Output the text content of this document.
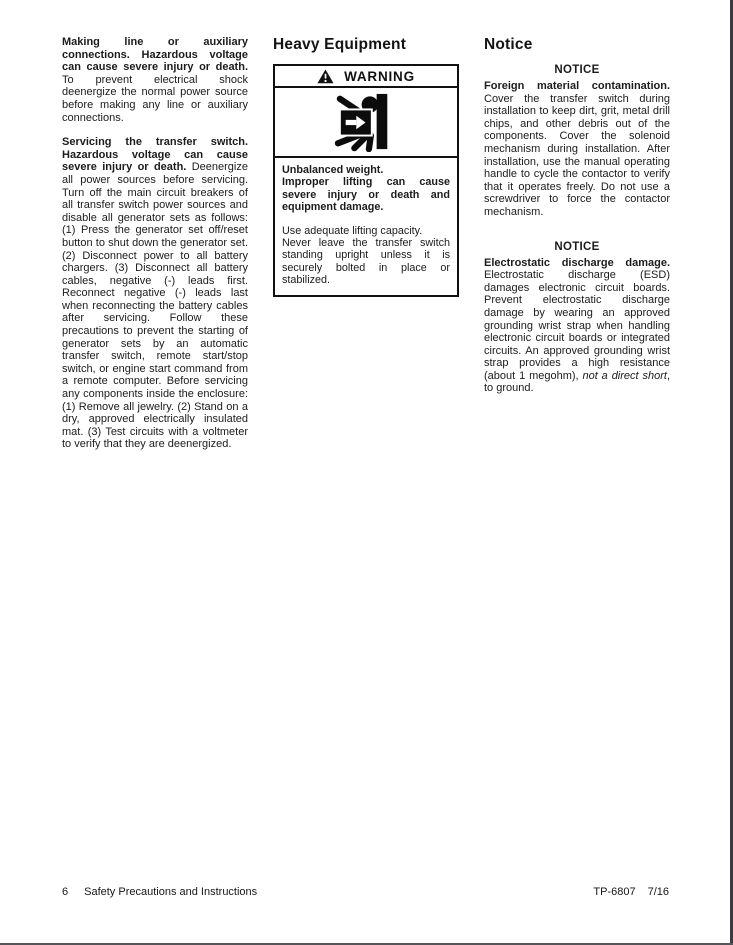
Making line or auxiliary connections. Hazardous voltage can cause severe injury or death. To prevent electrical shock deenergize the normal power source before making any line or auxiliary connections.

Servicing the transfer switch. Hazardous voltage can cause severe injury or death. Deenergize all power sources before servicing. Turn off the main circuit breakers of all transfer switch power sources and disable all generator sets as follows: (1) Press the generator set off/reset button to shut down the generator set. (2) Disconnect power to all battery chargers. (3) Disconnect all battery cables, negative (-) leads first. Reconnect negative (-) leads last when reconnecting the battery cables after servicing. Follow these precautions to prevent the starting of generator sets by an automatic transfer switch, remote start/stop switch, or engine start command from a remote computer. Before servicing any components inside the enclosure: (1) Remove all jewelry. (2) Stand on a dry, approved electrically insulated mat. (3) Test circuits with a voltmeter to verify that they are deenergized.

Heavy Equipment
WARNING
Unbalanced weight.
Improper lifting can cause severe injury or death and equipment damage.
Use adequate lifting capacity.
Never leave the transfer switch standing upright unless it is securely bolted in place or stabilized.
Notice
NOTICE

Foreign material contamination. Cover the transfer switch during installation to keep dirt, grit, metal drill chips, and other debris out of the components. Cover the solenoid mechanism during installation. After installation, use the manual operating handle to cycle the contactor to verify that it operates freely. Do not use a screwdriver to force the contactor mechanism.

NOTICE

Electrostatic discharge damage. Electrostatic discharge (ESD) damages electronic circuit boards. Prevent electrostatic discharge damage by wearing an approved grounding wrist strap when handling electronic circuit boards or integrated circuits. An approved grounding wrist strap provides a high resistance (about 1 megohm), not a direct short, to ground.

6 Safety Precautions and Instructions	TP-6807 7/16
